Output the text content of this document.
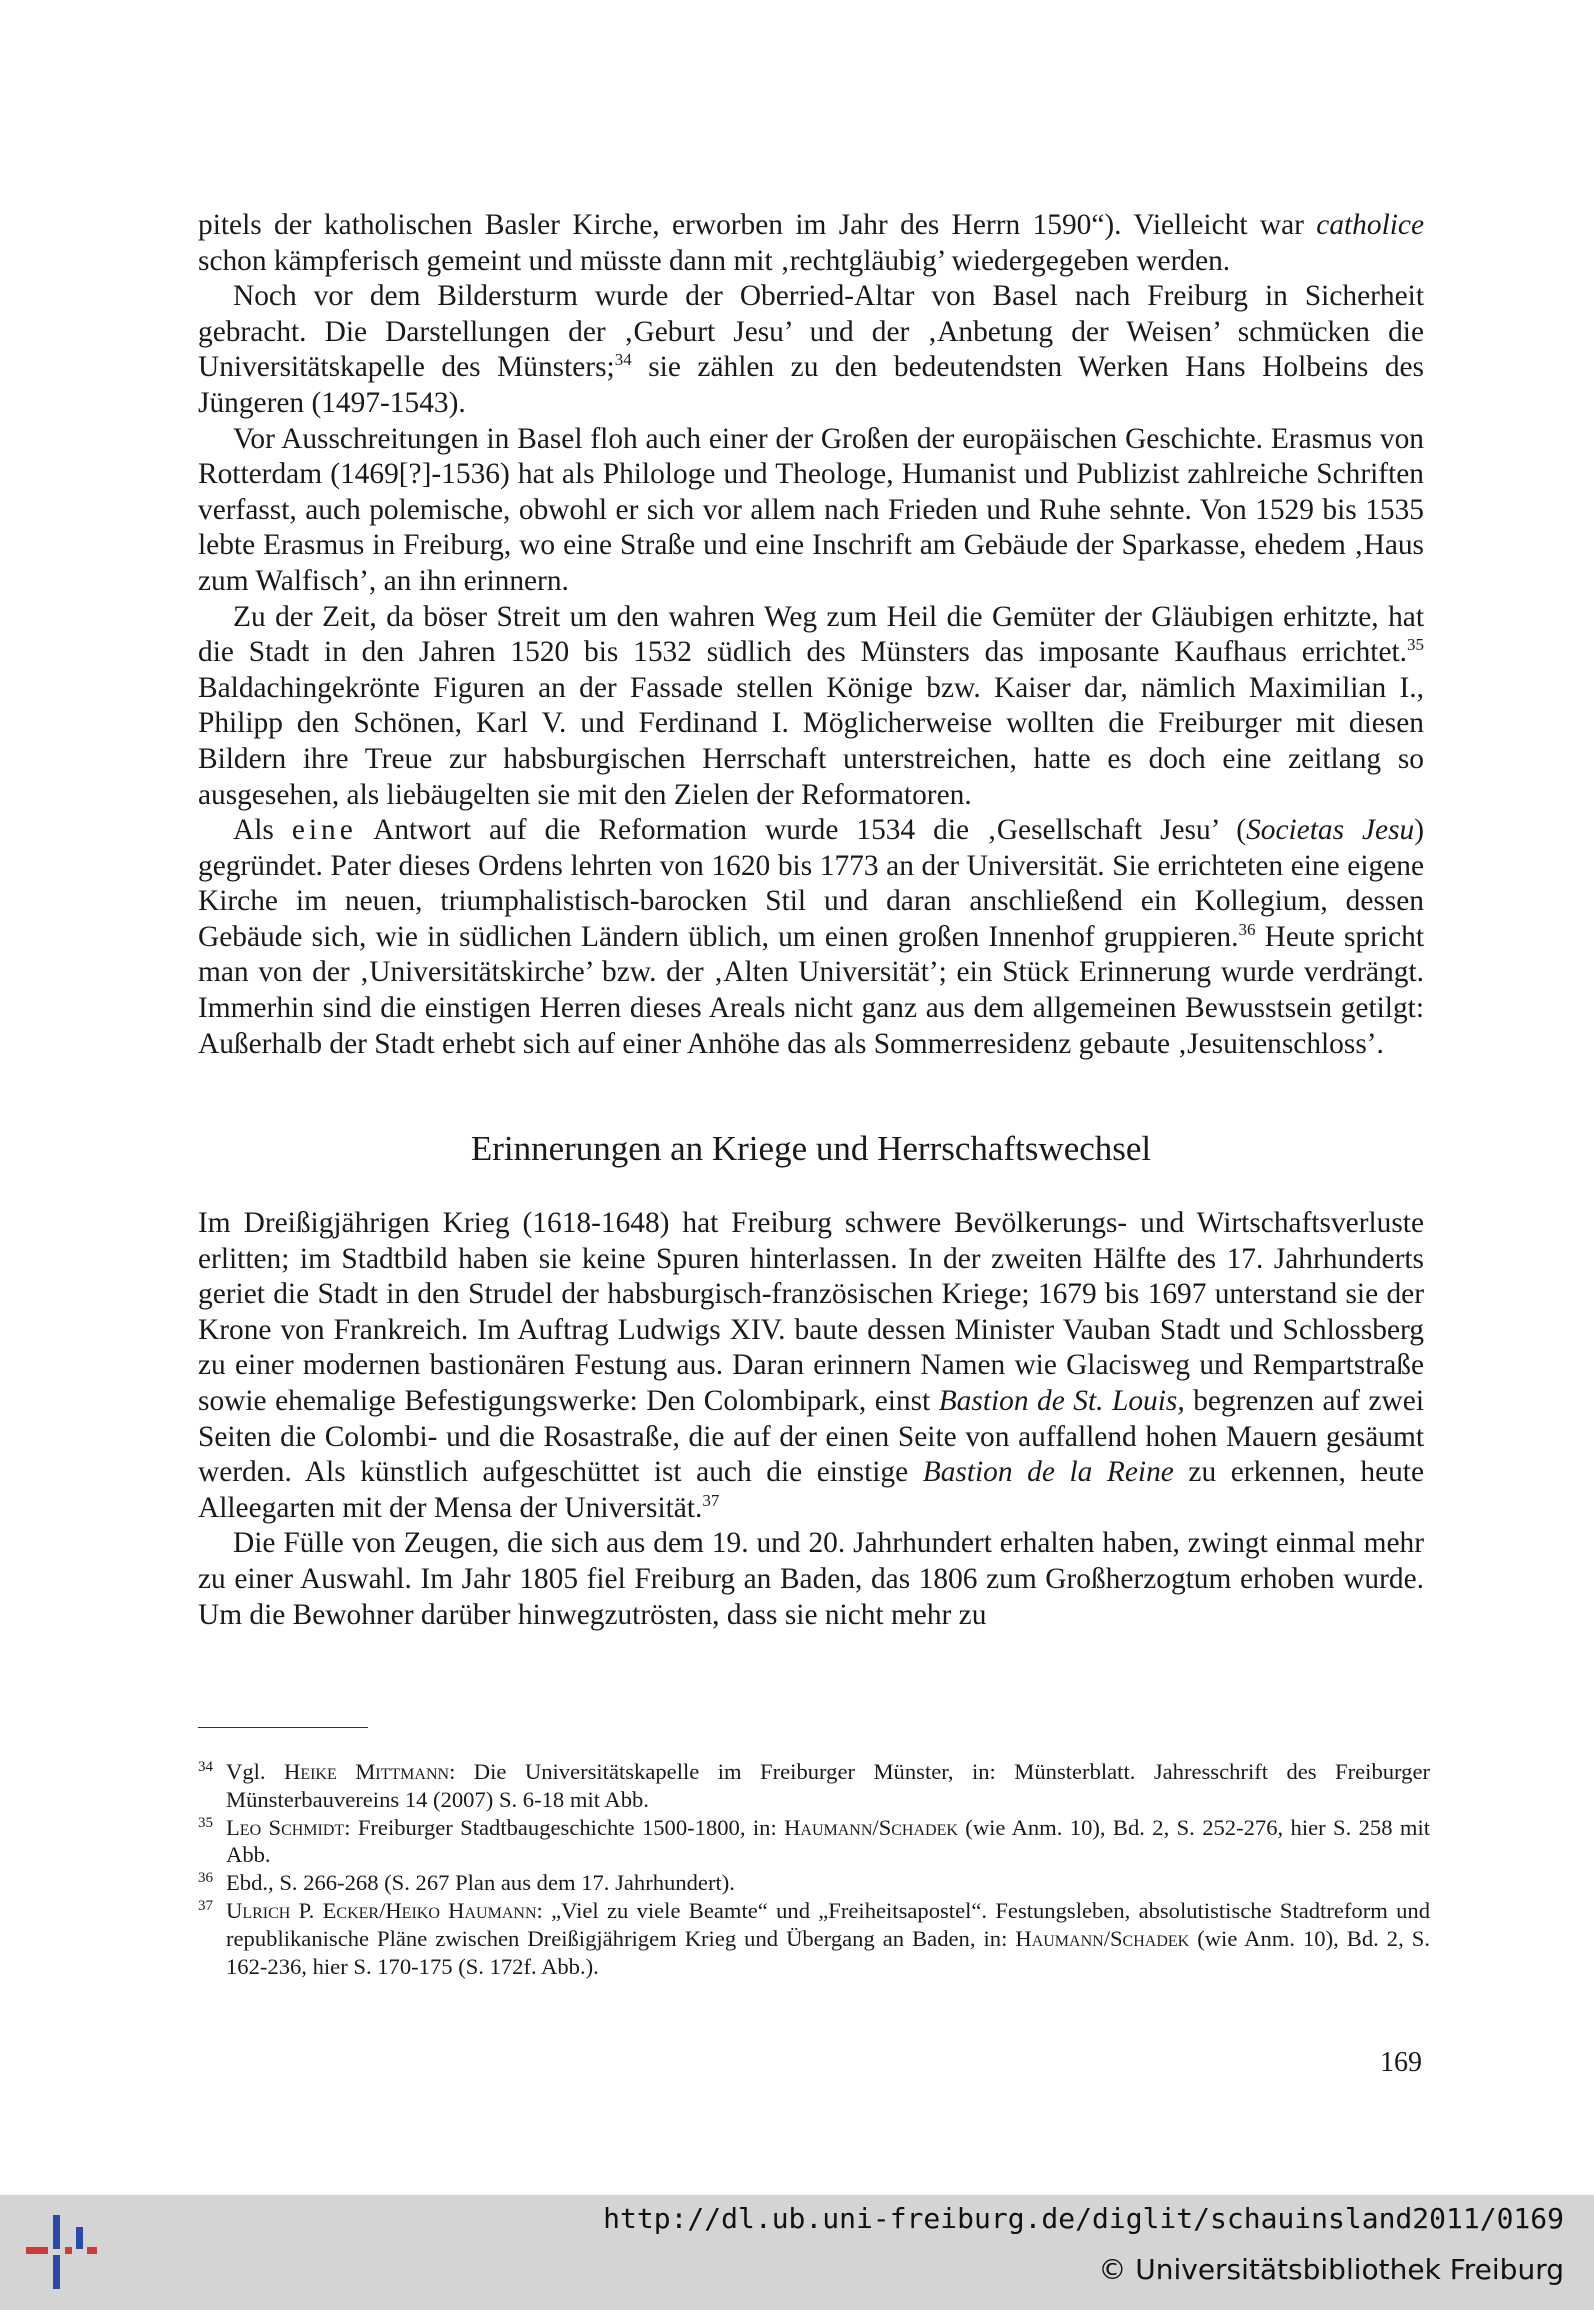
pitels der katholischen Basler Kirche, erworben im Jahr des Herrn 1590“). Vielleicht war catholice schon kämpferisch gemeint und müsste dann mit ‚rechtgläubig’ wiedergegeben werden.

Noch vor dem Bildersturm wurde der Oberried-Altar von Basel nach Freiburg in Sicherheit gebracht. Die Darstellungen der ‚Geburt Jesu’ und der ‚Anbetung der Weisen’ schmücken die Universitätskapelle des Münsters;$^{34}$ sie zählen zu den bedeutendsten Werken Hans Holbeins des Jüngeren (1497-1543).

Vor Ausschreitungen in Basel floh auch einer der Großen der europäischen Geschichte. Erasmus von Rotterdam (1469[?]-1536) hat als Philologe und Theologe, Humanist und Publizist zahlreiche Schriften verfasst, auch polemische, obwohl er sich vor allem nach Frieden und Ruhe sehnte. Von 1529 bis 1535 lebte Erasmus in Freiburg, wo eine Straße und eine Inschrift am Gebäude der Sparkasse, ehedem ‚Haus zum Walfisch’, an ihn erinnern.

Zu der Zeit, da böser Streit um den wahren Weg zum Heil die Gemüter der Gläubigen erhitzte, hat die Stadt in den Jahren 1520 bis 1532 südlich des Münsters das imposante Kaufhaus errichtet.$^{35}$ Baldachingekrönte Figuren an der Fassade stellen Könige bzw. Kaiser dar, nämlich Maximilian I., Philipp den Schönen, Karl V. und Ferdinand I. Möglicherweise wollten die Freiburger mit diesen Bildern ihre Treue zur habsburgischen Herrschaft unterstreichen, hatte es doch eine zeitlang so ausgesehen, als liebäugelten sie mit den Zielen der Reformatoren.

Als eine Antwort auf die Reformation wurde 1534 die ‚Gesellschaft Jesu’ (Societas Jesu) gegründet. Pater dieses Ordens lehrten von 1620 bis 1773 an der Universität. Sie errichteten eine eigene Kirche im neuen, triumphalistisch-barocken Stil und daran anschließend ein Kollegium, dessen Gebäude sich, wie in südlichen Ländern üblich, um einen großen Innenhof gruppieren.$^{36}$ Heute spricht man von der ‚Universitätskirche’ bzw. der ‚Alten Universität’; ein Stück Erinnerung wurde verdrängt. Immerhin sind die einstigen Herren dieses Areals nicht ganz aus dem allgemeinen Bewusstsein getilgt: Außerhalb der Stadt erhebt sich auf einer Anhöhe das als Sommerresidenz gebaute ‚Jesuitenschloss’.

Erinnerungen an Kriege und Herrschaftswechsel

Im Dreißigjährigen Krieg (1618-1648) hat Freiburg schwere Bevölkerungs- und Wirtschaftsverluste erlitten; im Stadtbild haben sie keine Spuren hinterlassen. In der zweiten Hälfte des 17. Jahrhunderts geriet die Stadt in den Strudel der habsburgisch-französischen Kriege; 1679 bis 1697 unterstand sie der Krone von Frankreich. Im Auftrag Ludwigs XIV. baute dessen Minister Vauban Stadt und Schlossberg zu einer modernen bastionären Festung aus. Daran erinnern Namen wie Glacisweg und Rempartstraße sowie ehemalige Befestigungswerke: Den Colombipark, einst Bastion de St. Louis, begrenzen auf zwei Seiten die Colombi- und die Rosastraße, die auf der einen Seite von auffallend hohen Mauern gesäumt werden. Als künstlich aufgeschüttet ist auch die einstige Bastion de la Reine zu erkennen, heute Alleegarten mit der Mensa der Universität.$^{37}$

Die Fülle von Zeugen, die sich aus dem 19. und 20. Jahrhundert erhalten haben, zwingt einmal mehr zu einer Auswahl. Im Jahr 1805 fiel Freiburg an Baden, das 1806 zum Großherzogtum erhoben wurde. Um die Bewohner darüber hinwegzutrösten, dass sie nicht mehr zu

34 Vgl. Heike Mittmann: Die Universitätskapelle im Freiburger Münster, in: Münsterblatt. Jahresschrift des Freiburger Münsterbauvereins 14 (2007) S. 6-18 mit Abb.
35 Leo Schmidt: Freiburger Stadtbaugeschichte 1500-1800, in: Haumann/Schadek (wie Anm. 10), Bd. 2, S. 252-276, hier S. 258 mit Abb.
36 Ebd., S. 266-268 (S. 267 Plan aus dem 17. Jahrhundert).
37 Ulrich P. Ecker/Heiko Haumann: „Viel zu viele Beamte“ und „Freiheitsapostel“. Festungsleben, absolutistische Stadtreform und republikanische Pläne zwischen Dreißigjährigem Krieg und Übergang an Baden, in: Haumann/Schadek (wie Anm. 10), Bd. 2, S. 162-236, hier S. 170-175 (S. 172f. Abb.).
169
http://dl.ub.uni-freiburg.de/diglit/schauinsland2011/0169
© Universitätsbibliothek Freiburg
